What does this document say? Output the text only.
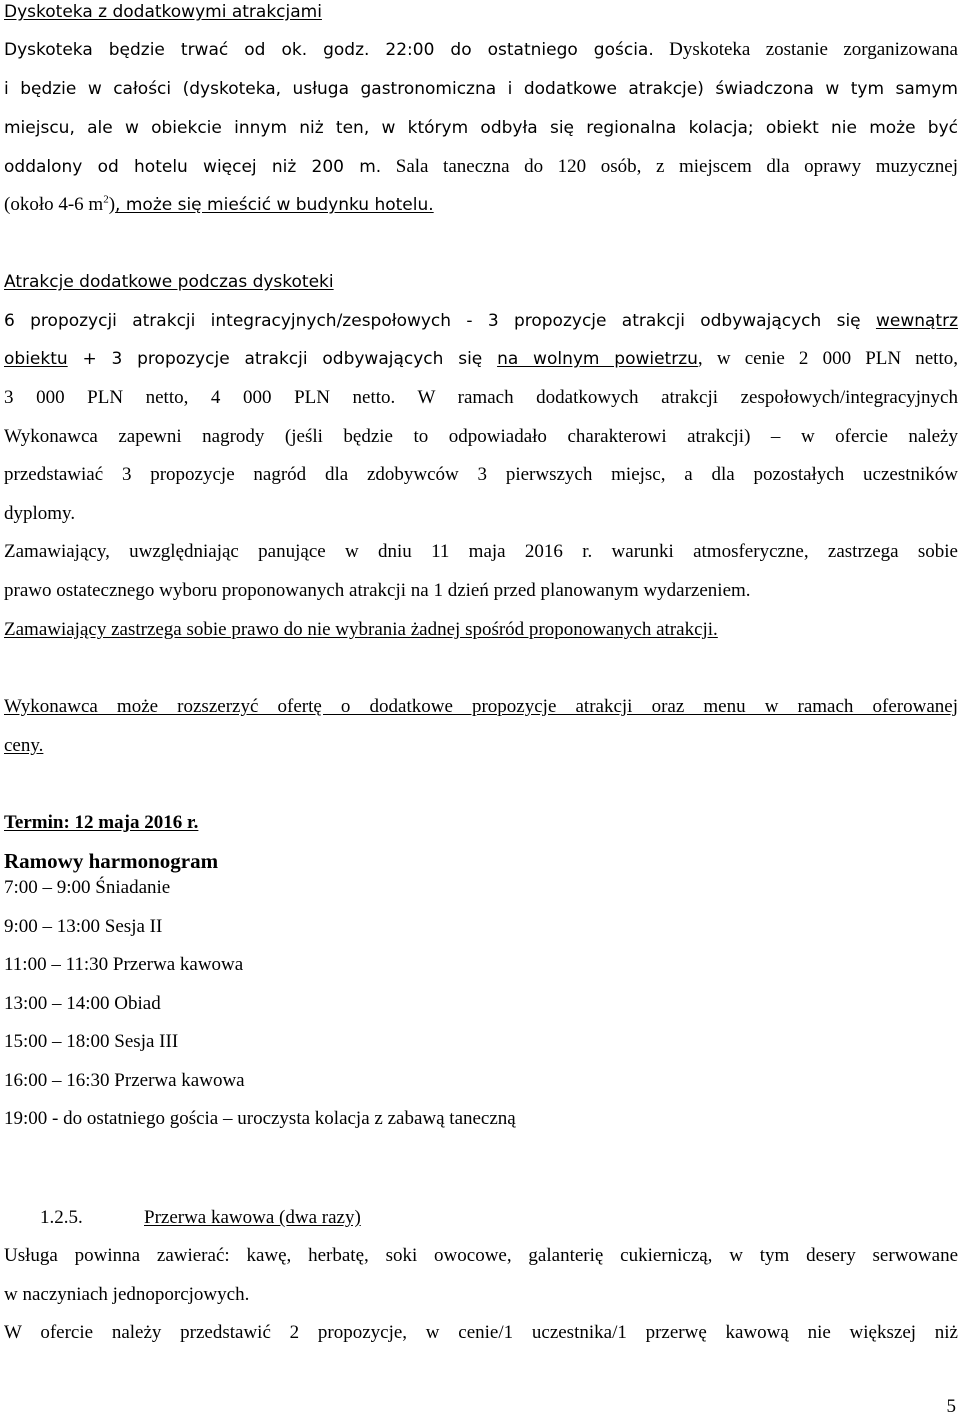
Dyskoteka z dodatkowymi atrakcjami
Dyskoteka będzie trwać od ok. godz. 22:00 do ostatniego gościa. Dyskoteka zostanie zorganizowana
i będzie w całości (dyskoteka, usługa gastronomiczna i dodatkowe atrakcje) świadczona w tym samym
miejscu, ale w obiekcie innym niż ten, w którym odbyła się regionalna kolacja; obiekt nie może być
oddalony od hotelu więcej niż 200 m. Sala taneczna do 120 osób, z miejscem dla oprawy muzycznej
(około 4-6 $m^2$), może się mieścić w budynku hotelu.
Atrakcje dodatkowe podczas dyskoteki
6 propozycji atrakcji integracyjnych/zespołowych - 3 propozycje atrakcji odbywających się wewnątrz
obiektu + 3 propozycje atrakcji odbywających się na wolnym powietrzu, w cenie 2 000 PLN netto,
3 000 PLN netto, 4 000 PLN netto. W ramach dodatkowych atrakcji zespołowych/integracyjnych
Wykonawca zapewni nagrody (jeśli będzie to odpowiadało charakterowi atrakcji) – w ofercie należy
przedstawiać 3 propozycje nagród dla zdobywców 3 pierwszych miejsc, a dla pozostałych uczestników
dyplomy.
Zamawiający, uwzględniając panujące w dniu 11 maja 2016 r. warunki atmosferyczne, zastrzega sobie
prawo ostatecznego wyboru proponowanych atrakcji na 1 dzień przed planowanym wydarzeniem.
Zamawiający zastrzega sobie prawo do nie wybrania żadnej spośród proponowanych atrakcji.
Wykonawca może rozszerzyć ofertę o dodatkowe propozycje atrakcji oraz menu w ramach oferowanej
ceny.
Termin: 12 maja 2016 r.
Ramowy harmonogram
7:00 – 9:00 Śniadanie
9:00 – 13:00 Sesja II
11:00 – 11:30 Przerwa kawowa
13:00 – 14:00 Obiad
15:00 – 18:00 Sesja III
16:00 – 16:30 Przerwa kawowa
19:00 - do ostatniego gościa – uroczysta kolacja z zabawą taneczną
1.2.5.	Przerwa kawowa (dwa razy)
Usługa powinna zawierać: kawę, herbatę, soki owocowe, galanterię cukierniczą, w tym desery serwowane
w naczyniach jednoporcjowych.
W ofercie należy przedstawić 2 propozycje, w cenie/1 uczestnika/1 przerwę kawową nie większej niż
5
